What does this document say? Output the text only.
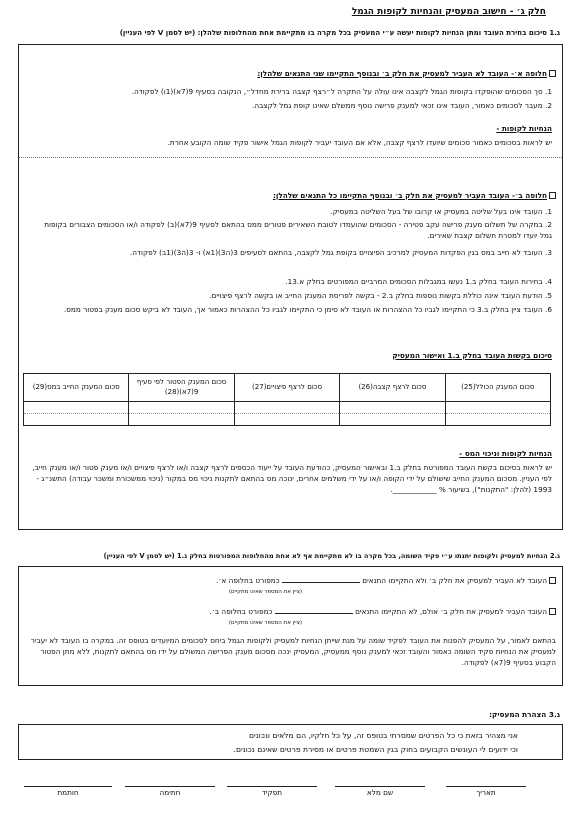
חלק ג׳ - חישוב המעסיק והנחיות לקופות הגמל
ג.1 סיכום בחירת העובד ומתן הנחיות לקופות יעשה ע״י המעסיק בכל מקרה בו מתקיימת אחת מהחלופות שלהלן: (יש לסמן V לפי העניין)
חלופה א׳- העובד לא העביר למעסיק את חלק ב׳ ובנוסף התקיימו שני התנאים שלהלן:
1. סך הסכומים שהופקדו בקופות הגמל לקצבה אינו עולה על התקרה ל״רצף קצבה ברירת מחדל״, הנקובה בסעיף 9(7א)(1ו) לפקודה.
2. מעבר לסכומים כאמור, העובד אינו זכאי למענק פרישה נוסף ממשלם שאינו קופת גמל לקצבה.
הנחיות לקופות -
יש לראות בסכומים כאמור סכומים שיועדו לרצף קצבה, אלא אם העובד יעביר לקופות הגמל אישור פקיד שומה הקובע אחרת.
חלופה ב׳- העובד העביר למעסיק את חלק ב׳ ובנוסף התקיימו כל התנאים שלהלן:
1. העובד אינו בעל שליטה במעסיק או קרובו של בעל השליטה במעסיק.
2. במקרה של תשלום מענק פרישה עקב פטירה - הסכומים שהועמדו לטובת השאירים פטורים ממס בהתאם לסעיף 9(7א)(ב) לפקודה ו/או הסכומים הצבורים בקופות גמל יועדו למטרת תשלום קצבת שאירים.
3. העובד לא חייב במס בגין הפקדות המעסיק למרכיב הפיצויים בקופת גמל לקצבה, בהתאם לסעיפים 3(ה3)(1א) ו- 3(ה3)(1ב) לפקודה.
4. בחירות העובד בחלק ב.1 נעשו במגבלות הסכומים המרביים המפורטים בחלק א.13.
5. הודעת העובד אינה כוללת בקשות נוספות בחלק ב.2 - בקשה לפריסת המענק החייב או בקשה לרצף פיצויים.
6. העובד ציין בחלק ב.3 כי התקיימו לגביו כל ההצהרות או העובד לא סימן כי התקיימו לגביו כל ההצהרות כאמור אך, העובד לא ביקש סכום מענק בפטור ממס.
סיכום בקשות העובד בחלק ב.1 ואישור המעסיק
סכום המענק הכולל(25)	סכום לרצף קצבה(26)	סכום לרצף פיצויים(27)	סכום המענק הפטור לפי סעיף 9(7א)(28)	סכום המענק החייב במס(29)

הנחיות לקופות וניכוי המס -
יש לראות בסיכום בקשת העובד המפורטת בחלק ב.1 ובאישור המעסיק, כהודעת העובד על ייעוד הכספים לרצף קצבה ו/או לרצף פיצויים ו/או מענק פטור ו/או מענק חייב, לפי העניין. מסכום המענק החייב שישולם על ידי הקופה ו/או על ידי משלמים אחרים, ינוכה מס בהתאם לתקנות ניכוי מס במקור (ניכוי ממשכורת ומשכר עבודה) התשנ״ג - 1993 (להלן: "התקנות"), בשיעור % ____________.
ג.2 הנחיות למעסיק ולקופות יתנתו ע״י פקיד השומה, בכל מקרה בו לא מתקיימת אף לא אחת מהחלופות המפורטות בחלק ג.1 (יש לסמן V לפי העניין)
העובד לא העביר למעסיק את חלק ב׳ ולא התקיימו התנאים  כמפורט בחלופה א׳.
(ציין את המספר שאינו מתקיים)
העובד העביר למעסיק את חלק ב׳ אולם, לא התקיימו התנאים  כמפורט בחלופה ב׳.
(ציין את המספר שאינו מתקיים)
בהתאם לאמור, על המעסיק להפנות את העובד לפקיד שומה על מנת שייתן הנחיות למעסיק ולקופות הגמל ביחס לסכומים המיועדים בטופס זה. במקרה בו העובד לא יעביר למעסיק את הנחיות פקיד השומה כאמור והעובד זכאי למענק נוסף ממעסיק, המעסיק ינכה מסכום מענק הפרישה המשולם על ידו מס בהתאם לתקנות, ללא מתן הפטור הקבוע בסעיף 9(7א) לפקודה.
ג.3 הצהרת המעסיק:
אני מצהיר בזאת כי כל הפרטים שמסרתי בטופס זה, על כל חלקיו, הם מלאים ונכונים
וכי ידועים לי העונשים הקבועים בחוק בגין השמטת פרטים או מסירת פרטים שאינם נכונים.
תאריך
שם מלא
תפקיד
חתימה
חותמת
